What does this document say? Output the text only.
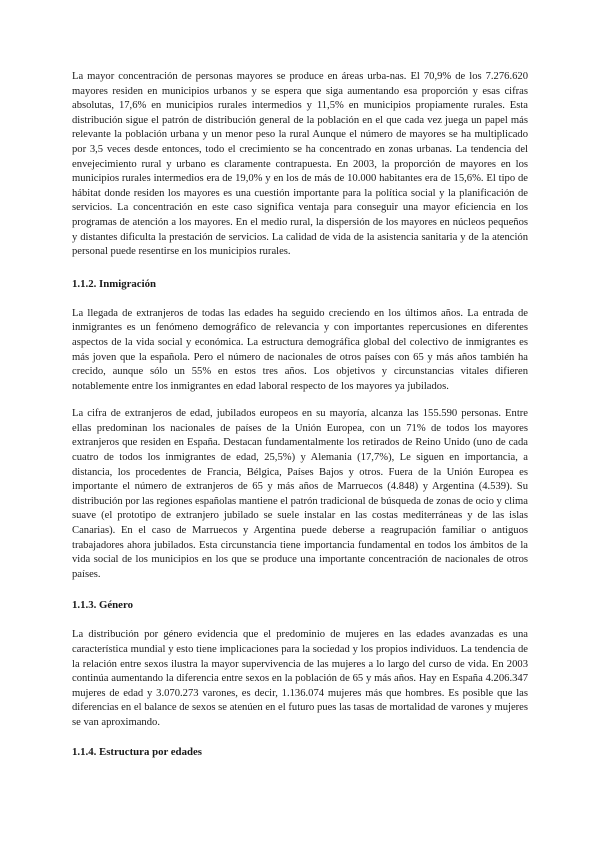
La mayor concentración de personas mayores se produce en áreas urba-nas. El 70,9% de los 7.276.620 mayores residen en municipios urbanos y se espera que siga aumentando esa proporción y esas cifras absolutas, 17,6% en municipios rurales intermedios y 11,5% en municipios propiamente rurales. Esta distribución sigue el patrón de distribución general de la población en el que cada vez juega un papel más relevante la población urbana y un menor peso la rural Aunque el número de mayores se ha multiplicado por 3,5 veces desde entonces, todo el crecimiento se ha concentrado en zonas urbanas. La tendencia del envejecimiento rural y urbano es claramente contrapuesta. En 2003, la proporción de mayores en los municipios rurales intermedios era de 19,0% y en los de más de 10.000 habitantes era de 15,6%. El tipo de hábitat donde residen los mayores es una cuestión importante para la política social y la planificación de servicios. La concentración en este caso significa ventaja para conseguir una mayor eficiencia en los programas de atención a los mayores. En el medio rural, la dispersión de los mayores en núcleos pequeños y distantes dificulta la prestación de servicios. La calidad de vida de la asistencia sanitaria y de la atención personal puede resentirse en los municipios rurales.

1.1.2. Inmigración

La llegada de extranjeros de todas las edades ha seguido creciendo en los últimos años. La entrada de inmigrantes es un fenómeno demográfico de relevancia y con importantes repercusiones en diferentes aspectos de la vida social y económica. La estructura demográfica global del colectivo de inmigrantes es más joven que la española. Pero el número de nacionales de otros países con 65 y más años también ha crecido, aunque sólo un 55% en estos tres años. Los objetivos y circunstancias vitales difieren notablemente entre los inmigrantes en edad laboral respecto de los mayores ya jubilados.

La cifra de extranjeros de edad, jubilados europeos en su mayoría, alcanza las 155.590 personas. Entre ellas predominan los nacionales de países de la Unión Europea, con un 71% de todos los mayores extranjeros que residen en España. Destacan fundamentalmente los retirados de Reino Unido (uno de cada cuatro de todos los inmigrantes de edad, 25,5%) y Alemania (17,7%), Le siguen en importancia, a distancia, los procedentes de Francia, Bélgica, Países Bajos y otros. Fuera de la Unión Europea es importante el número de extranjeros de 65 y más años de Marruecos (4.848) y Argentina (4.539). Su distribución por las regiones españolas mantiene el patrón tradicional de búsqueda de zonas de ocio y clima suave (el prototipo de extranjero jubilado se suele instalar en las costas mediterráneas y de las islas Canarias). En el caso de Marruecos y Argentina puede deberse a reagrupación familiar o antiguos trabajadores ahora jubilados. Esta circunstancia tiene importancia fundamental en todos los ámbitos de la vida social de los municipios en los que se produce una importante concentración de nacionales de otros países.

1.1.3. Género

La distribución por género evidencia que el predominio de mujeres en las edades avanzadas es una característica mundial y esto tiene implicaciones para la sociedad y los propios individuos. La tendencia de la relación entre sexos ilustra la mayor supervivencia de las mujeres a lo largo del curso de vida. En 2003 continúa aumentando la diferencia entre sexos en la población de 65 y más años. Hay en España 4.206.347 mujeres de edad y 3.070.273 varones, es decir, 1.136.074 mujeres más que hombres. Es posible que las diferencias en el balance de sexos se atenúen en el futuro pues las tasas de mortalidad de varones y mujeres se van aproximando.

1.1.4. Estructura por edades
